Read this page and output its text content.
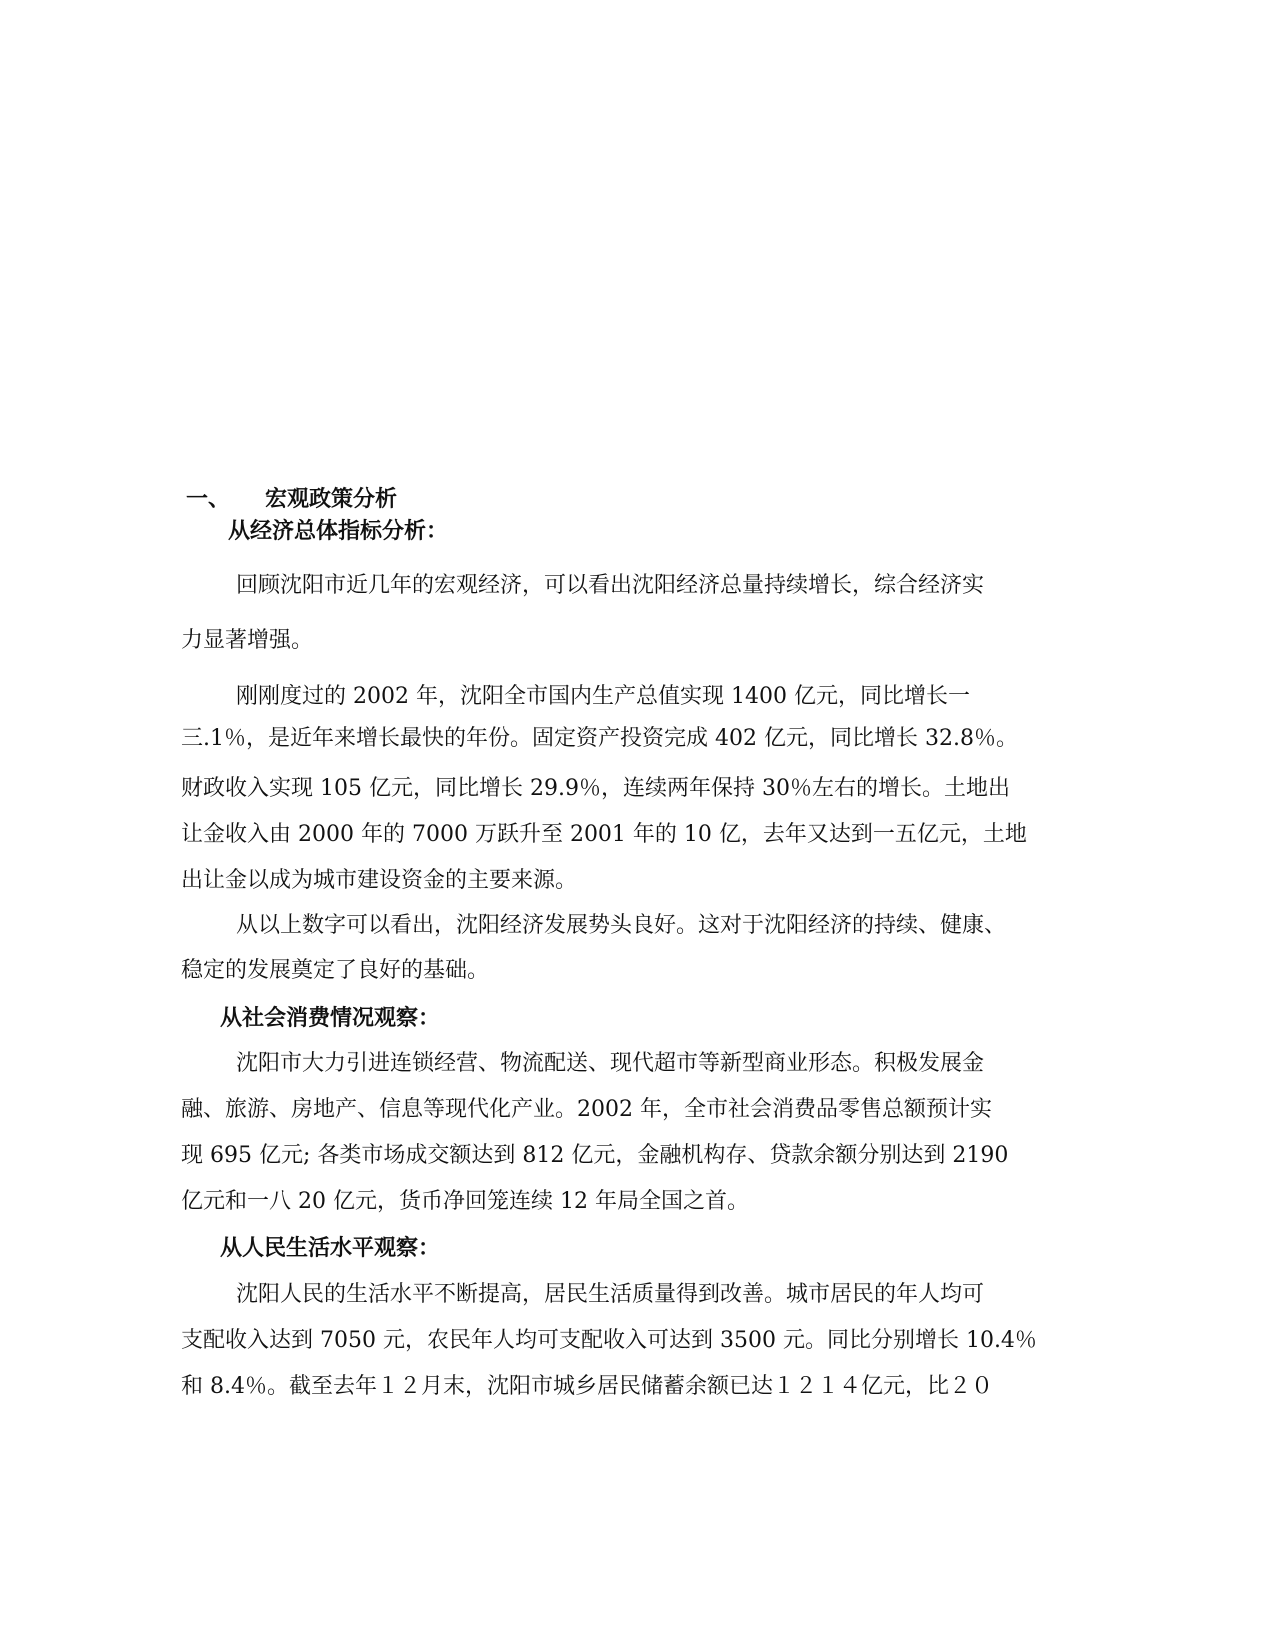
一、 宏观政策分析
从经济总体指标分析：
回顾沈阳市近几年的宏观经济，可以看出沈阳经济总量持续增长，综合经济实
力显著增强。
刚刚度过的 2002 年，沈阳全市国内生产总值实现 1400 亿元，同比增长一
三.1％，是近年来增长最快的年份。固定资产投资完成 402 亿元，同比增长 32.8％。
财政收入实现 105 亿元，同比增长 29.9％，连续两年保持 30％左右的增长。土地出
让金收入由 2000 年的 7000 万跃升至 2001 年的 10 亿，去年又达到一五亿元，土地
出让金以成为城市建设资金的主要来源。
从以上数字可以看出，沈阳经济发展势头良好。这对于沈阳经济的持续、健康、
稳定的发展奠定了良好的基础。
从社会消费情况观察：
沈阳市大力引进连锁经营、物流配送、现代超市等新型商业形态。积极发展金
融、旅游、房地产、信息等现代化产业。2002 年，全市社会消费品零售总额预计实
现 695 亿元; 各类市场成交额达到 812 亿元，金融机构存、贷款余额分别达到 2190
亿元和一八 20 亿元，货币净回笼连续 12 年局全国之首。
从人民生活水平观察：
沈阳人民的生活水平不断提高，居民生活质量得到改善。城市居民的年人均可
支配收入达到 7050 元，农民年人均可支配收入可达到 3500 元。同比分别增长 10.4％
和 8.4％。截至去年１２月末，沈阳市城乡居民储蓄余额已达１２１４亿元，比２０
